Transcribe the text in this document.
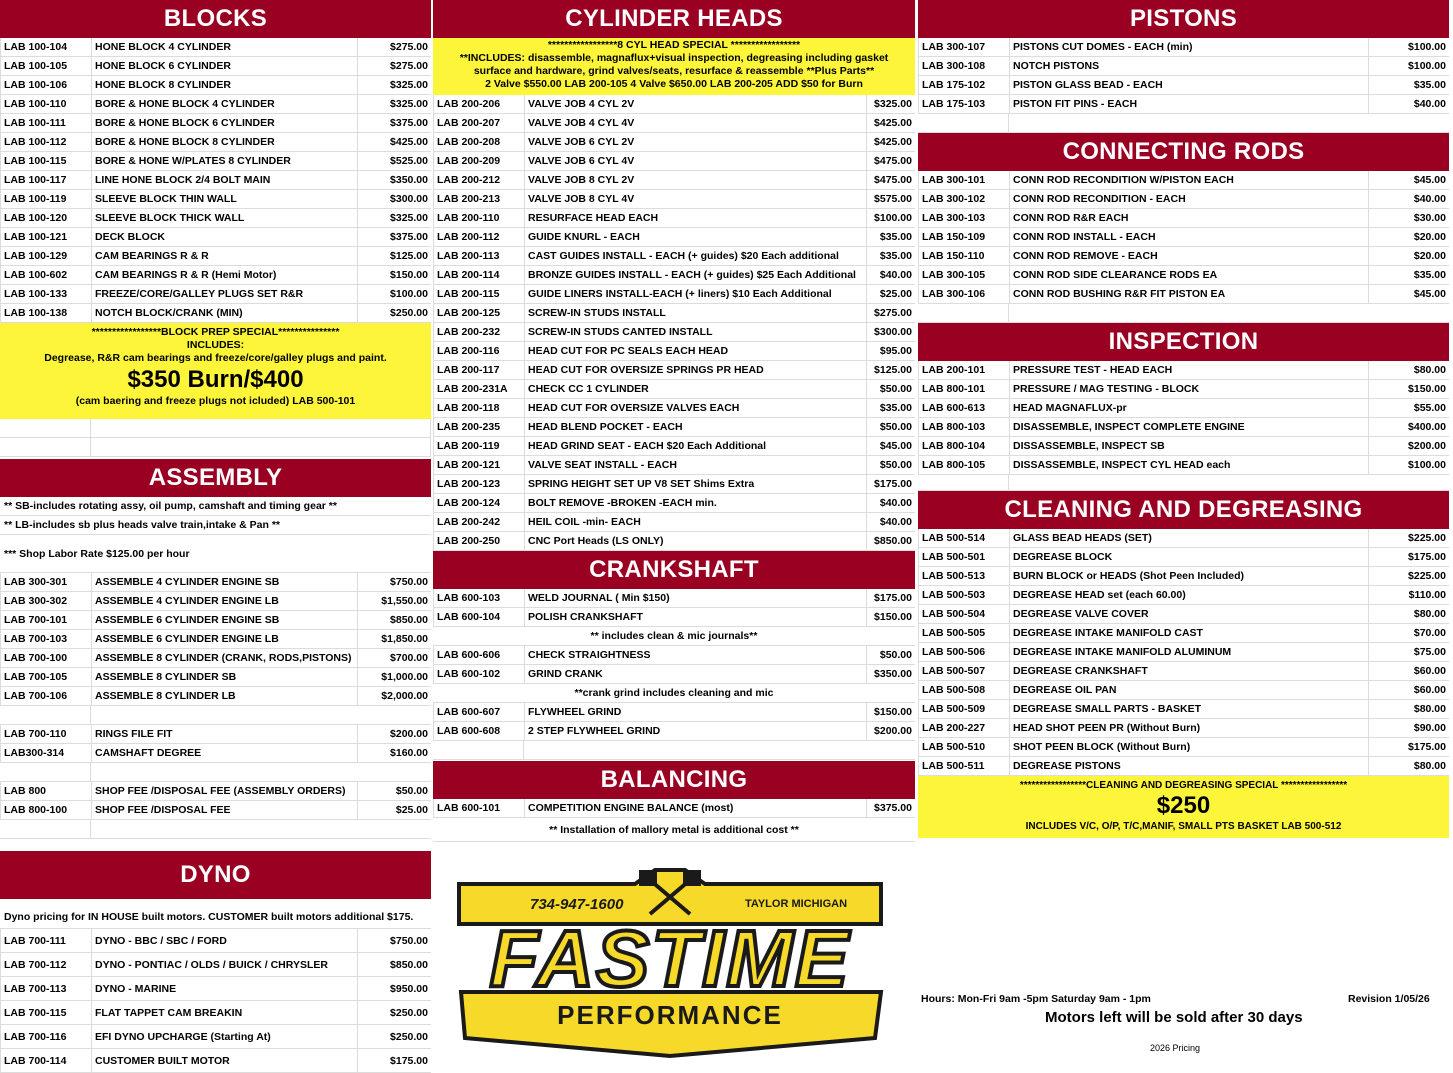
BLOCKS
LAB 100-104	HONE BLOCK 4 CYLINDER	$275.00
LAB 100-105	HONE BLOCK 6 CYLINDER	$275.00
LAB 100-106	HONE BLOCK 8 CYLINDER	$325.00
LAB 100-110	BORE & HONE BLOCK 4 CYLINDER	$325.00
LAB 100-111	BORE & HONE BLOCK 6 CYLINDER	$375.00
LAB 100-112	BORE & HONE BLOCK 8 CYLINDER	$425.00
LAB 100-115	BORE & HONE W/PLATES 8 CYLINDER	$525.00
LAB 100-117	LINE HONE BLOCK 2/4 BOLT MAIN	$350.00
LAB 100-119	SLEEVE BLOCK THIN WALL	$300.00
LAB 100-120	SLEEVE BLOCK THICK WALL	$325.00
LAB 100-121	DECK BLOCK	$375.00
LAB 100-129	CAM BEARINGS R & R	$125.00
LAB 100-602	CAM BEARINGS R & R (Hemi Motor)	$150.00
LAB 100-133	FREEZE/CORE/GALLEY PLUGS SET R&R	$100.00
LAB 100-138	NOTCH BLOCK/CRANK (MIN)	$250.00
*****************BLOCK PREP SPECIAL***************
INCLUDES:
Degrease, R&R cam bearings and freeze/core/galley plugs and paint.
$350 Burn/$400
(cam baering and freeze plugs not icluded) LAB 500-101
ASSEMBLY
** SB-includes rotating assy, oil pump, camshaft and timing gear **
** LB-includes sb plus heads valve train,intake & Pan **
*** Shop Labor Rate $125.00 per hour
LAB 300-301	ASSEMBLE 4 CYLINDER ENGINE SB	$750.00
LAB 300-302	ASSEMBLE 4 CYLINDER ENGINE LB	$1,550.00
LAB 700-101	ASSEMBLE 6 CYLINDER ENGINE SB	$850.00
LAB 700-103	ASSEMBLE 6 CYLINDER ENGINE LB	$1,850.00
LAB 700-100	ASSEMBLE 8 CYLINDER (CRANK, RODS,PISTONS)	$700.00
LAB 700-105	ASSEMBLE 8 CYLINDER SB	$1,000.00
LAB 700-106	ASSEMBLE 8 CYLINDER LB	$2,000.00
LAB 700-110	RINGS FILE FIT	$200.00
LAB300-314	CAMSHAFT DEGREE	$160.00
LAB 800	SHOP FEE /DISPOSAL FEE (ASSEMBLY ORDERS)	$50.00
LAB 800-100	SHOP FEE /DISPOSAL FEE	$25.00
DYNO
Dyno pricing for IN HOUSE built motors. CUSTOMER built motors additional $175.
LAB 700-111	DYNO - BBC / SBC / FORD	$750.00
LAB 700-112	DYNO - PONTIAC / OLDS / BUICK / CHRYSLER	$850.00
LAB 700-113	DYNO - MARINE	$950.00
LAB 700-115	FLAT TAPPET CAM BREAKIN	$250.00
LAB 700-116	EFI DYNO UPCHARGE (Starting At)	$250.00
LAB 700-114	CUSTOMER BUILT MOTOR	$175.00
CYLINDER HEADS
*****************8 CYL HEAD SPECIAL *****************
**INCLUDES: disassemble, magnaflux+visual inspection, degreasing including gasket
surface and hardware, grind valves/seats, resurface & reassemble **Plus Parts**
2 Valve $550.00 LAB 200-105 4 Valve $650.00 LAB 200-205 ADD $50 for Burn
LAB 200-206	VALVE JOB 4 CYL 2V	$325.00
LAB 200-207	VALVE JOB 4 CYL 4V	$425.00
LAB 200-208	VALVE JOB 6 CYL 2V	$425.00
LAB 200-209	VALVE JOB 6 CYL 4V	$475.00
LAB 200-212	VALVE JOB 8 CYL 2V	$475.00
LAB 200-213	VALVE JOB 8 CYL 4V	$575.00
LAB 200-110	RESURFACE HEAD EACH	$100.00
LAB 200-112	GUIDE KNURL - EACH	$35.00
LAB 200-113	CAST GUIDES INSTALL - EACH (+ guides) $20 Each additional	$35.00
LAB 200-114	BRONZE GUIDES INSTALL - EACH (+ guides) $25 Each Additional	$40.00
LAB 200-115	GUIDE LINERS INSTALL-EACH (+ liners) $10 Each Additional	$25.00
LAB 200-125	SCREW-IN STUDS INSTALL	$275.00
LAB 200-232	SCREW-IN STUDS CANTED INSTALL	$300.00
LAB 200-116	HEAD CUT FOR PC SEALS EACH HEAD	$95.00
LAB 200-117	HEAD CUT FOR OVERSIZE SPRINGS PR HEAD	$125.00
LAB 200-231A	CHECK CC 1 CYLINDER	$50.00
LAB 200-118	HEAD CUT FOR OVERSIZE VALVES EACH	$35.00
LAB 200-235	HEAD BLEND POCKET - EACH	$50.00
LAB 200-119	HEAD GRIND SEAT - EACH $20 Each Additional	$45.00
LAB 200-121	VALVE SEAT INSTALL - EACH	$50.00
LAB 200-123	SPRING HEIGHT SET UP V8 SET Shims Extra	$175.00
LAB 200-124	BOLT REMOVE -BROKEN -EACH min.	$40.00
LAB 200-242	HEIL COIL -min- EACH	$40.00
LAB 200-250	CNC Port Heads (LS ONLY)	$850.00
CRANKSHAFT
LAB 600-103	WELD JOURNAL ( Min $150)	$175.00
LAB 600-104	POLISH CRANKSHAFT	$150.00
** includes clean & mic journals**
LAB 600-606	CHECK STRAIGHTNESS	$50.00
LAB 600-102	GRIND CRANK	$350.00
**crank grind includes cleaning and mic
LAB 600-607	FLYWHEEL GRIND	$150.00
LAB 600-608	2 STEP FLYWHEEL GRIND	$200.00
BALANCING
LAB 600-101	COMPETITION ENGINE BALANCE (most)	$375.00
** Installation of mallory metal is additional cost **
734-947-1600	TAYLOR MICHIGAN
FASTIME
PERFORMANCE
PISTONS
LAB 300-107	PISTONS CUT DOMES - EACH (min)	$100.00
LAB 300-108	NOTCH PISTONS	$100.00
LAB 175-102	PISTON GLASS BEAD - EACH	$35.00
LAB 175-103	PISTON FIT PINS - EACH	$40.00
CONNECTING RODS
LAB 300-101	CONN ROD RECONDITION W/PISTON EACH	$45.00
LAB 300-102	CONN ROD RECONDITION - EACH	$40.00
LAB 300-103	CONN ROD R&R EACH	$30.00
LAB 150-109	CONN ROD INSTALL - EACH	$20.00
LAB 150-110	CONN ROD REMOVE - EACH	$20.00
LAB 300-105	CONN ROD SIDE CLEARANCE RODS EA	$35.00
LAB 300-106	CONN ROD BUSHING R&R FIT PISTON EA	$45.00
INSPECTION
LAB 200-101	PRESSURE TEST - HEAD EACH	$80.00
LAB 800-101	PRESSURE / MAG TESTING - BLOCK	$150.00
LAB 600-613	HEAD MAGNAFLUX-pr	$55.00
LAB 800-103	DISASSEMBLE, INSPECT COMPLETE ENGINE	$400.00
LAB 800-104	DISSASSEMBLE, INSPECT SB	$200.00
LAB 800-105	DISSASSEMBLE, INSPECT CYL HEAD each	$100.00
CLEANING AND DEGREASING
LAB 500-514	GLASS BEAD HEADS (SET)	$225.00
LAB 500-501	DEGREASE BLOCK	$175.00
LAB 500-513	BURN BLOCK or HEADS (Shot Peen Included)	$225.00
LAB 500-503	DEGREASE HEAD set (each 60.00)	$110.00
LAB 500-504	DEGREASE VALVE COVER	$80.00
LAB 500-505	DEGREASE INTAKE MANIFOLD CAST	$70.00
LAB 500-506	DEGREASE INTAKE MANIFOLD ALUMINUM	$75.00
LAB 500-507	DEGREASE CRANKSHAFT	$60.00
LAB 500-508	DEGREASE OIL PAN	$60.00
LAB 500-509	DEGREASE SMALL PARTS - BASKET	$80.00
LAB 200-227	HEAD SHOT PEEN PR (Without Burn)	$90.00
LAB 500-510	SHOT PEEN BLOCK (Without Burn)	$175.00
LAB 500-511	DEGREASE PISTONS	$80.00
*****************CLEANING AND DEGREASING SPECIAL *****************
$250
INCLUDES V/C, O/P, T/C,MANIF, SMALL PTS BASKET LAB 500-512
Hours: Mon-Fri 9am -5pm Saturday 9am - 1pm	Revision 1/05/26
Motors left will be sold after 30 days
2026 Pricing
